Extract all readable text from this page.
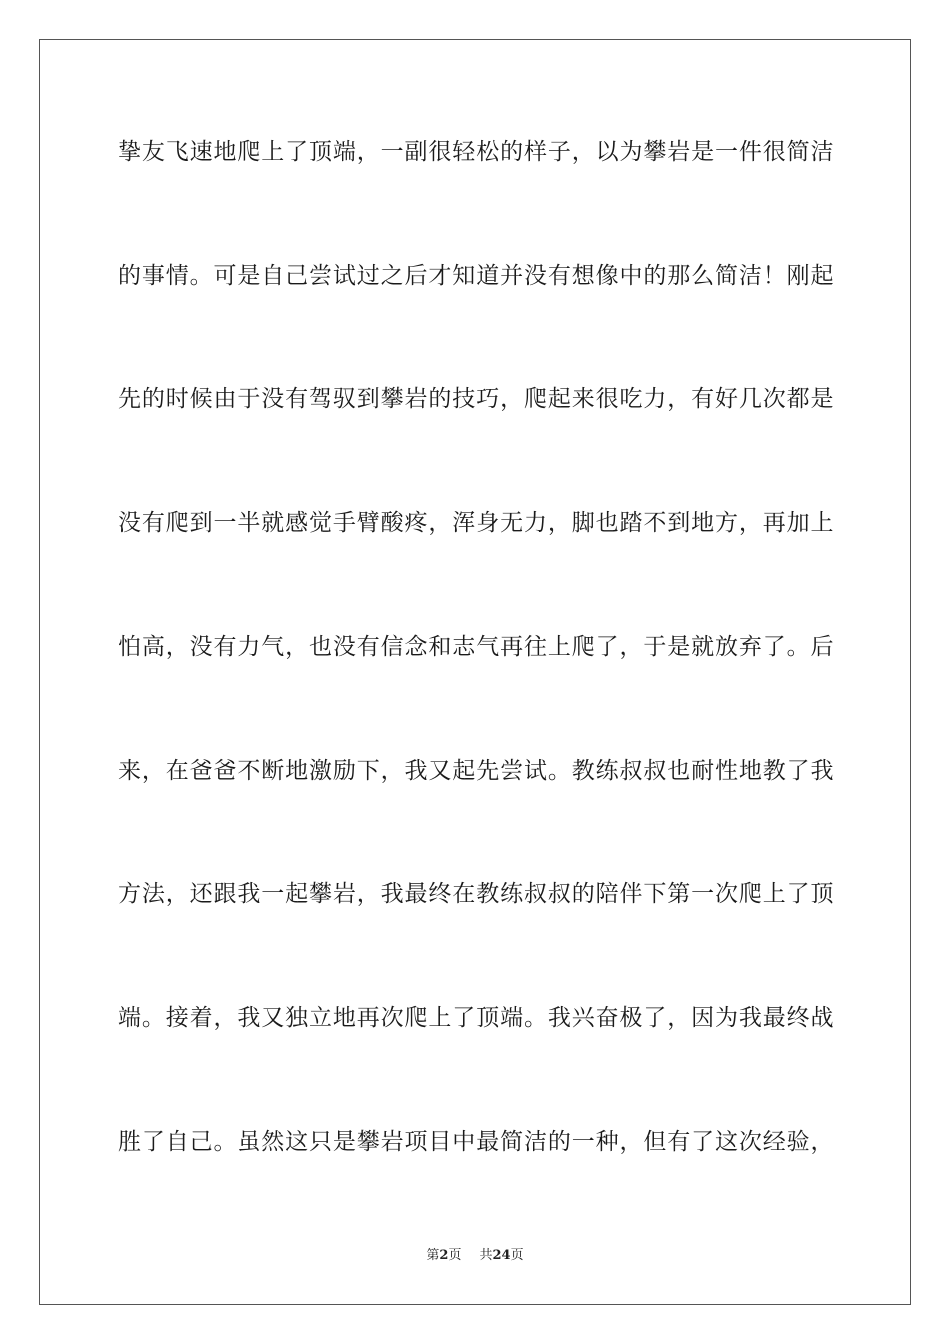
挚友飞速地爬上了顶端，一副很轻松的样子，以为攀岩是一件很简洁
的事情。可是自己尝试过之后才知道并没有想像中的那么简洁！刚起
先的时候由于没有驾驭到攀岩的技巧，爬起来很吃力，有好几次都是
没有爬到一半就感觉手臂酸疼，浑身无力，脚也踏不到地方，再加上
怕高，没有力气，也没有信念和志气再往上爬了，于是就放弃了。后
来，在爸爸不断地激励下，我又起先尝试。教练叔叔也耐性地教了我
方法，还跟我一起攀岩，我最终在教练叔叔的陪伴下第一次爬上了顶
端。接着，我又独立地再次爬上了顶端。我兴奋极了，因为我最终战
胜了自己。虽然这只是攀岩项目中最简洁的一种，但有了这次经验，
第2页 共24页
